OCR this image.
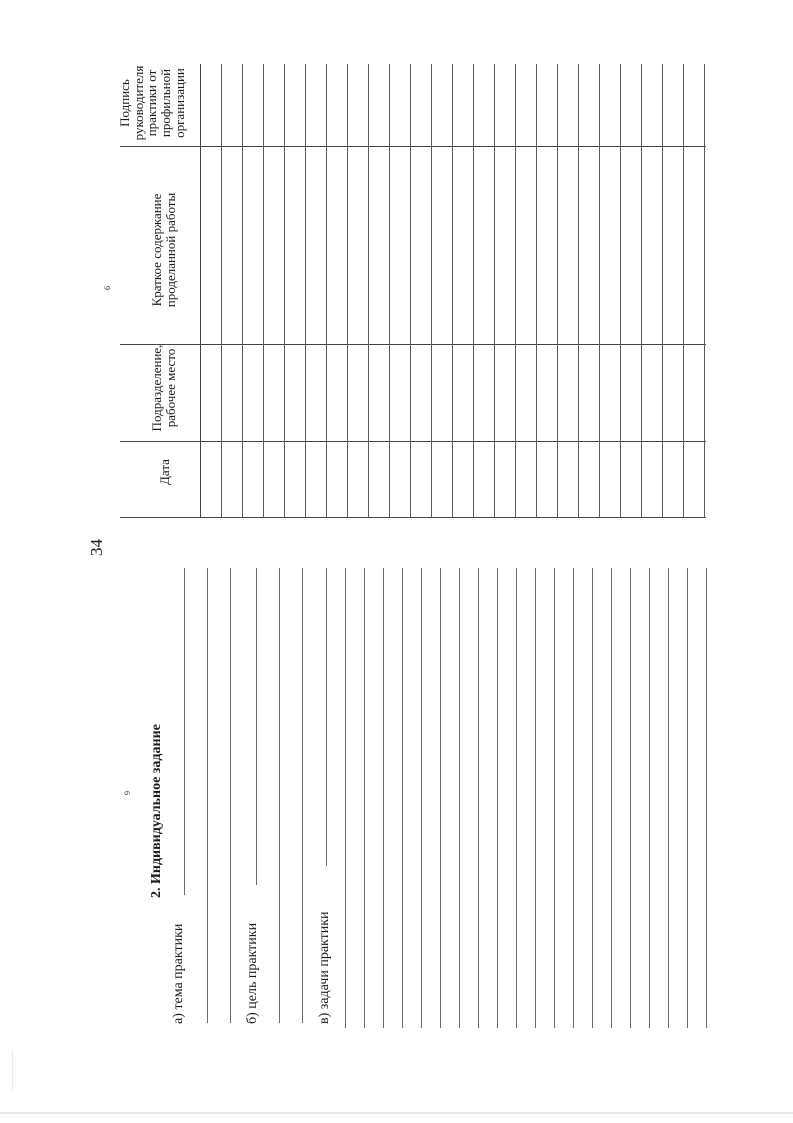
34
6
Дата
Подразделение,
рабочее место
Краткое содержание
проделанной работы
Подпись
руководителя
практики от
профильной
организации
9 2. Индивидуальное задание
а) тема практики	б) цель практики	в) задачи практики
